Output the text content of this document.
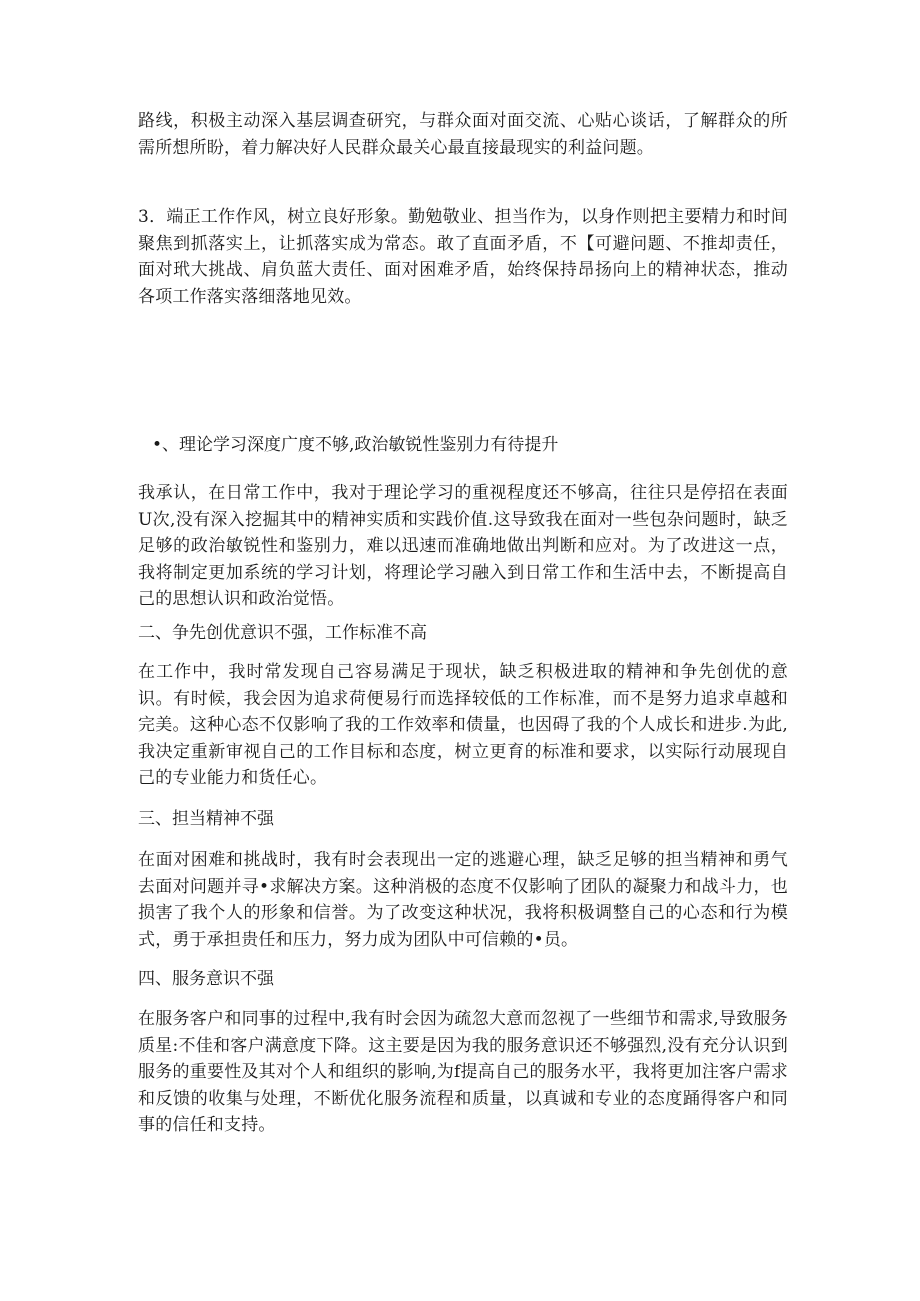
路线，积极主动深入基层调查研究，与群众面对面交流、心贴心谈话，了解群众的所需所想所盼，着力解决好人民群众最关心最直接最现实的利益问题。

3．端正工作作风，树立良好形象。勤勉敬业、担当作为，以身作则把主要精力和时间聚焦到抓落实上，让抓落实成为常态。敢了直面矛盾，不【可避问题、不推却责任，面对玳大挑战、肩负蓝大责任、面对困难矛盾，始终保持昂扬向上的精神状态，推动各项工作落实落细落地见效。

•、理论学习深度广度不够,政治敏锐性鉴别力有待提升

我承认，在日常工作中，我对于理论学习的重视程度还不够高，往往只是停招在表面U次,没有深入挖掘其中的精神实质和实践价值.这导致我在面对一些包杂问题时，缺乏足够的政治敏锐性和鉴别力，难以迅速而准确地做出判断和应对。为了改进这一点，我将制定更加系统的学习计划，将理论学习融入到日常工作和生活中去，不断提高自己的思想认识和政治觉悟。

二、争先创优意识不强，工作标准不高

在工作中，我时常发现自己容易满足于现状，缺乏积极进取的精神和争先创优的意识。有时候，我会因为追求荷便易行而选择较低的工作标准，而不是努力追求卓越和完美。这种心态不仅影响了我的工作效率和债量，也因碍了我的个人成长和进步.为此,我决定重新审视自己的工作目标和态度，树立更育的标准和要求，以实际行动展现自己的专业能力和货任心。

三、担当精神不强

在面对困难和挑战时，我有时会表现出一定的逃避心理，缺乏足够的担当精神和勇气去面对问题并寻•求解决方案。这种消极的态度不仅影响了团队的凝聚力和战斗力，也损害了我个人的形象和信誉。为了改变这种状况，我将积极调整自己的心态和行为模式，勇于承担贵任和压力，努力成为团队中可信赖的•员。

四、服务意识不强

在服务客户和同事的过程中,我有时会因为疏忽大意而忽视了一些细节和需求,导致服务质星:不佳和客户满意度下降。这主要是因为我的服务意识还不够强烈,没有充分认识到服务的重要性及其对个人和组织的影响,为f提高自己的服务水平，我将更加注客户需求和反馈的收集与处理，不断优化服务流程和质量，以真诚和专业的态度踊得客户和同事的信任和支持。
